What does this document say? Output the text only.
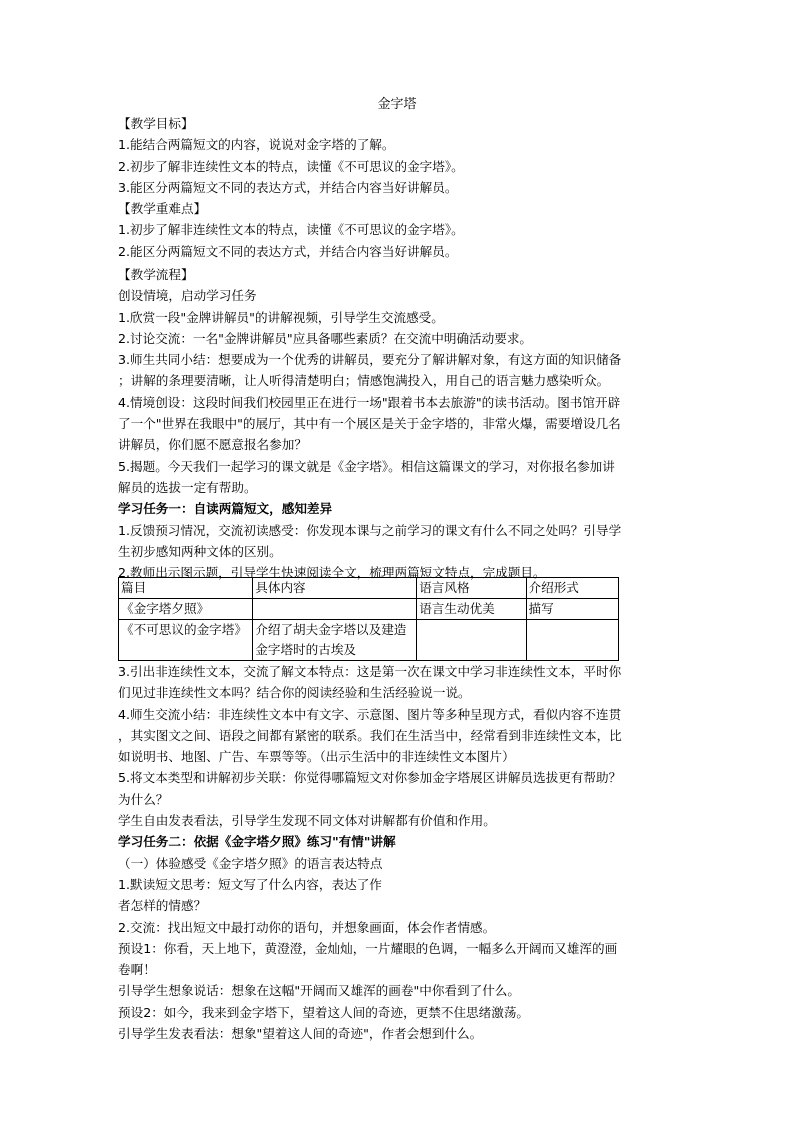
金字塔
【教学目标】
1.能结合两篇短文的内容，说说对金字塔的了解。
2.初步了解非连续性文本的特点，读懂《不可思议的金字塔》。
3.能区分两篇短文不同的表达方式，并结合内容当好讲解员。
【教学重难点】
1.初步了解非连续性文本的特点，读懂《不可思议的金字塔》。
2.能区分两篇短文不同的表达方式，并结合内容当好讲解员。
【教学流程】
创设情境，启动学习任务
1.欣赏一段"金牌讲解员"的讲解视频，引导学生交流感受。
2.讨论交流：一名"金牌讲解员"应具备哪些素质？在交流中明确活动要求。
3.师生共同小结：想要成为一个优秀的讲解员，要充分了解讲解对象，有这方面的知识储备
；讲解的条理要清晰，让人听得清楚明白；情感饱满投入，用自己的语言魅力感染听众。
4.情境创设：这段时间我们校园里正在进行一场"跟着书本去旅游"的读书活动。图书馆开辟
了一个"世界在我眼中"的展厅，其中有一个展区是关于金字塔的，非常火爆，需要增设几名
讲解员，你们愿不愿意报名参加？
5.揭题。今天我们一起学习的课文就是《金字塔》。相信这篇课文的学习，对你报名参加讲
解员的选拔一定有帮助。
学习任务一：自读两篇短文，感知差异
1.反馈预习情况，交流初读感受：你发现本课与之前学习的课文有什么不同之处吗？引导学
生初步感知两种文体的区别。
2.教师出示图示题，引导学生快速阅读全文，梳理两篇短文特点，完成题目。
篇目	具体内容	语言风格	介绍形式
《金字塔夕照》		语言生动优美	描写
《不可思议的金字塔》	介绍了胡夫金字塔以及建造金字塔时的古埃及		
3.引出非连续性文本，交流了解文本特点：这是第一次在课文中学习非连续性文本，平时你
们见过非连续性文本吗？结合你的阅读经验和生活经验说一说。
4.师生交流小结：非连续性文本中有文字、示意图、图片等多种呈现方式，看似内容不连贯
，其实图文之间、语段之间都有紧密的联系。我们在生活当中，经常看到非连续性文本，比
如说明书、地图、广告、车票等等。（出示生活中的非连续性文本图片）
5.将文本类型和讲解初步关联：你觉得哪篇短文对你参加金字塔展区讲解员选拔更有帮助？
为什么？
学生自由发表看法，引导学生发现不同文体对讲解都有价值和作用。
学习任务二：依据《金字塔夕照》练习"有情"讲解
（一）体验感受《金字塔夕照》的语言表达特点
1.默读短文思考：短文写了什么内容，表达了作
者怎样的情感？
2.交流：找出短文中最打动你的语句，并想象画面，体会作者情感。
预设1：你看，天上地下，黄澄澄，金灿灿，一片耀眼的色调，一幅多么开阔而又雄浑的画
卷啊！
引导学生想象说话：想象在这幅"开阔而又雄浑的画卷"中你看到了什么。
预设2：如今，我来到金字塔下，望着这人间的奇迹，更禁不住思绪激荡。
引导学生发表看法：想象"望着这人间的奇迹"，作者会想到什么。
